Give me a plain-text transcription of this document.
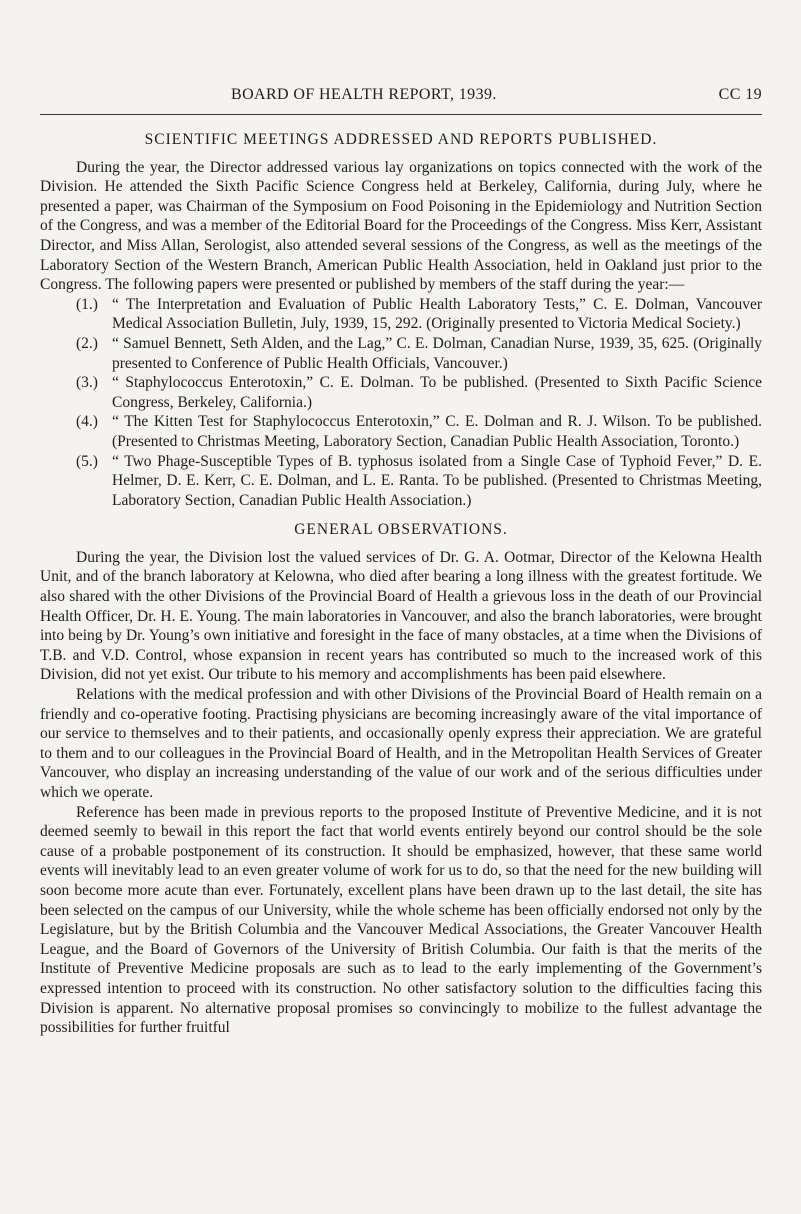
BOARD OF HEALTH REPORT, 1939.	CC 19
SCIENTIFIC MEETINGS ADDRESSED AND REPORTS PUBLISHED.

During the year, the Director addressed various lay organizations on topics connected with the work of the Division. He attended the Sixth Pacific Science Congress held at Berkeley, California, during July, where he presented a paper, was Chairman of the Symposium on Food Poisoning in the Epidemiology and Nutrition Section of the Congress, and was a member of the Editorial Board for the Proceedings of the Congress. Miss Kerr, Assistant Director, and Miss Allan, Serologist, also attended several sessions of the Congress, as well as the meetings of the Laboratory Section of the Western Branch, American Public Health Association, held in Oakland just prior to the Congress. The following papers were presented or published by members of the staff during the year:—

(1.) “ The Interpretation and Evaluation of Public Health Laboratory Tests,” C. E. Dolman, Vancouver Medical Association Bulletin, July, 1939, 15, 292. (Originally presented to Victoria Medical Society.)
(2.) “ Samuel Bennett, Seth Alden, and the Lag,” C. E. Dolman, Canadian Nurse, 1939, 35, 625. (Originally presented to Conference of Public Health Officials, Vancouver.)
(3.) “ Staphylococcus Enterotoxin,” C. E. Dolman. To be published. (Presented to Sixth Pacific Science Congress, Berkeley, California.)
(4.) “ The Kitten Test for Staphylococcus Enterotoxin,” C. E. Dolman and R. J. Wilson. To be published. (Presented to Christmas Meeting, Laboratory Section, Canadian Public Health Association, Toronto.)
(5.) “ Two Phage-Susceptible Types of B. typhosus isolated from a Single Case of Typhoid Fever,” D. E. Helmer, D. E. Kerr, C. E. Dolman, and L. E. Ranta. To be published. (Presented to Christmas Meeting, Laboratory Section, Canadian Public Health Association.)
GENERAL OBSERVATIONS.

During the year, the Division lost the valued services of Dr. G. A. Ootmar, Director of the Kelowna Health Unit, and of the branch laboratory at Kelowna, who died after bearing a long illness with the greatest fortitude. We also shared with the other Divisions of the Provincial Board of Health a grievous loss in the death of our Provincial Health Officer, Dr. H. E. Young. The main laboratories in Vancouver, and also the branch laboratories, were brought into being by Dr. Young’s own initiative and foresight in the face of many obstacles, at a time when the Divisions of T.B. and V.D. Control, whose expansion in recent years has contributed so much to the increased work of this Division, did not yet exist. Our tribute to his memory and accomplishments has been paid elsewhere.

Relations with the medical profession and with other Divisions of the Provincial Board of Health remain on a friendly and co-operative footing. Practising physicians are becoming increasingly aware of the vital importance of our service to themselves and to their patients, and occasionally openly express their appreciation. We are grateful to them and to our colleagues in the Provincial Board of Health, and in the Metropolitan Health Services of Greater Vancouver, who display an increasing understanding of the value of our work and of the serious difficulties under which we operate.

Reference has been made in previous reports to the proposed Institute of Preventive Medicine, and it is not deemed seemly to bewail in this report the fact that world events entirely beyond our control should be the sole cause of a probable postponement of its construction. It should be emphasized, however, that these same world events will inevitably lead to an even greater volume of work for us to do, so that the need for the new building will soon become more acute than ever. Fortunately, excellent plans have been drawn up to the last detail, the site has been selected on the campus of our University, while the whole scheme has been officially endorsed not only by the Legislature, but by the British Columbia and the Vancouver Medical Associations, the Greater Vancouver Health League, and the Board of Governors of the University of British Columbia. Our faith is that the merits of the Institute of Preventive Medicine proposals are such as to lead to the early implementing of the Government’s expressed intention to proceed with its construction. No other satisfactory solution to the difficulties facing this Division is apparent. No alternative proposal promises so convincingly to mobilize to the fullest advantage the possibilities for further fruitful
